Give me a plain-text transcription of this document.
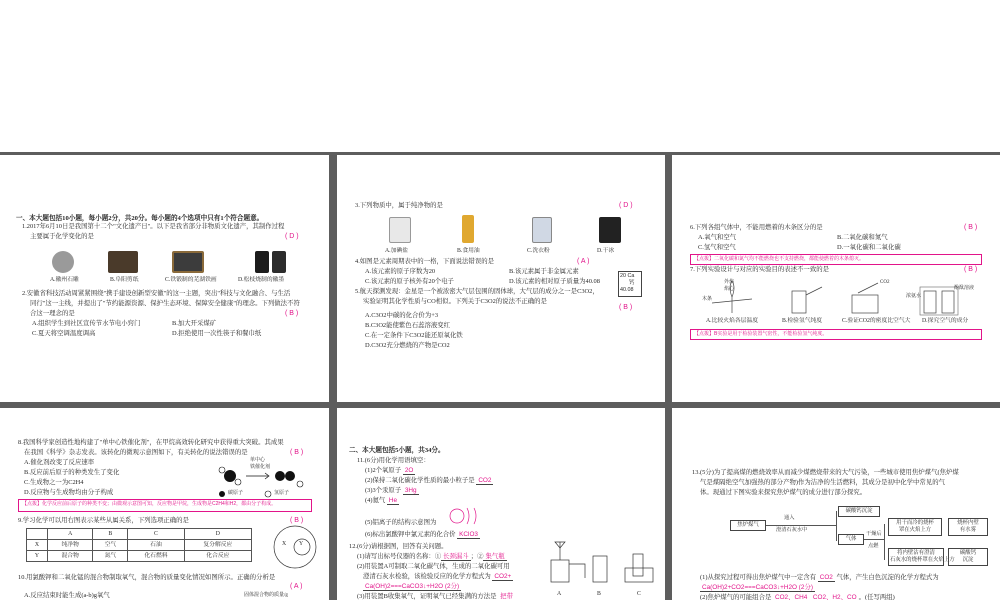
一、本大题包括10小题，每小题2分，共20分。每小题的4个选项中只有1个符合题意。
1.2017年6月10日是我国第十二个"文化遗产日"。以下是我省部分非物质文化遗产，其制作过程
主要属于化学变化的是	( D )
A.徽州石雕	B.阜阳剪纸	C.铁锻制的芜湖铁画	D.松枝烧制的徽墨
2.安徽省科技活动周紧紧围绕"携手建设创新型安徽"的这一主题，突出"科技与文化融合、与生活
同行"这一主线，并提出了"节约能源资源、保护生态环境、保障安全健康"的理念。下列做法不符
合这一理念的是	( B )
A.组织学生到社区宣传节水节电小窍门	B.加大开采煤矿
C.夏天将空调温度调高	D.拒绝使用一次性筷子和餐巾纸
3.下列物质中，属于纯净物的是	( D )
A.加碘盐	B.食用油	C.洗衣粉	D.干冰
4.如图是元素周期表中的一格，下面说法错误的是	( A )
A.该元素的原子序数为20	B.该元素属于非金属元素
C.该元素的原子核外有20个电子	D.该元素的相对原子质量为40.08
20 Ca
钙
40.08
5.航天探测发现：金星是一个被浓密大气层包围的固体球，大气层的成分之一是C3O2，
实验证明其化学性质与CO相似。下列关于C3O2的说法不正确的是
( B )
A.C3O2中碳的化合价为+3
B.C3O2能使紫色石蕊溶液变红
C.在一定条件下C3O2能还原氧化铁
D.C3O2充分燃烧的产物是CO2
6.下列各组气体中，不能用燃着的木条区分的是	( B )
A.氧气和空气	B.二氧化碳和氮气
C.氢气和空气	D.一氧化碳和二氧化碳
【点拨】二氧化碳和氮气均不能燃烧也不支持燃烧，都能使燃着的木条熄灭。
7.下列实验设计与对应的实验目的表述不一致的是	( B )
外焰
焰心
木条
CO2
浓氨水
酚酞溶液
A.比较火焰各层温度	B.检验氢气纯度	C.验证CO2的密度比空气大 D.探究空气的成分
【点拨】B实验是用于检验装置气密性，不能检验氢气纯度。
8.我国科学家创造性地构建了"单中心铁催化剂"，在甲烷高效转化研究中获得重大突破。其成果
在我国《科学》杂志发表。该转化的微观示意图如下，有关转化的说法错误的是	( B )
A.催化剂改变了反应速率
B.反应前后原子的种类发生了变化
C.生成物之一为C2H4
D.反应物与生成物均由分子构成
单中心
铁催化剂
碳原子	氢原子
【点拨】化学反应前后原子的种类不变；由微观示意图可知，反应物是甲烷，生成物是C2H4和H2，都由分子构成。
9.学习化学可以用右图表示某些从属关系，下列选项正确的是	( B )
	A	B	C	D
X	纯净物	空气	石油	复分解反应
Y	混合物	氮气	化石燃料	化合反应
X Y
10.用氯酸钾和二氧化锰的混合物制取氧气，混合物的质量变化情况如图所示。正确的分析是
( A )
A.反应结束时能生成(a-b)g氧气	固体混合物的质量/g
二、本大题包括5小题，共34分。
11.(6分)用化学用语填空：
(1)2个氧原子 2O
(2)保持二氧化碳化学性质的最小粒子是 CO2
(3)3个汞原子 3Hg
(4)氦气 He
(5)铝离子的结构示意图为
(6)标出氯酸钾中氯元素的化合价 KClO3
12.(6分)请根据图，回答有关问题。
(1)请写出标号仪器的名称：① 长颈漏斗 ；② 集气瓶
(2)用装置A可制取二氧化碳气体，生成的二氧化碳可用
澄清石灰水检验，该检验反应的化学方程式为 CO2+
Ca(OH)2===CaCO3↓+H2O (2分)
(3)用装置B收集氧气，证明氧气已经集满的方法是 把带	A	B	C
13.(5分)为了提高煤的燃烧效率从而减少煤燃烧带来的大气污染，一些城市使用焦炉煤气(焦炉煤
气是煤隔绝空气加强热的部分产物)作为洁净的生活燃料，其成分是初中化学中常见的气
体。现通过下图实验来探究焦炉煤气的成分进行部分探究。
焦炉煤气
通入
澄清石灰水中
碳酸钙沉淀
气体
干燥后
点燃
用干而冷的烧杯
罩在火焰上方
烧杯内壁
有水雾
将内壁沾有澄清
石灰水的烧杯罩在火焰上方
碳酸钙
沉淀
(1)从探究过程可得出焦炉煤气中一定含有 CO2 气体，产生白色沉淀的化学方程式为
Ca(OH)2+CO2===CaCO3↓+H2O (2分)
(2)焦炉煤气的可能组合是 CO2、CH4 CO2、H2、CO 。(任写两组)
